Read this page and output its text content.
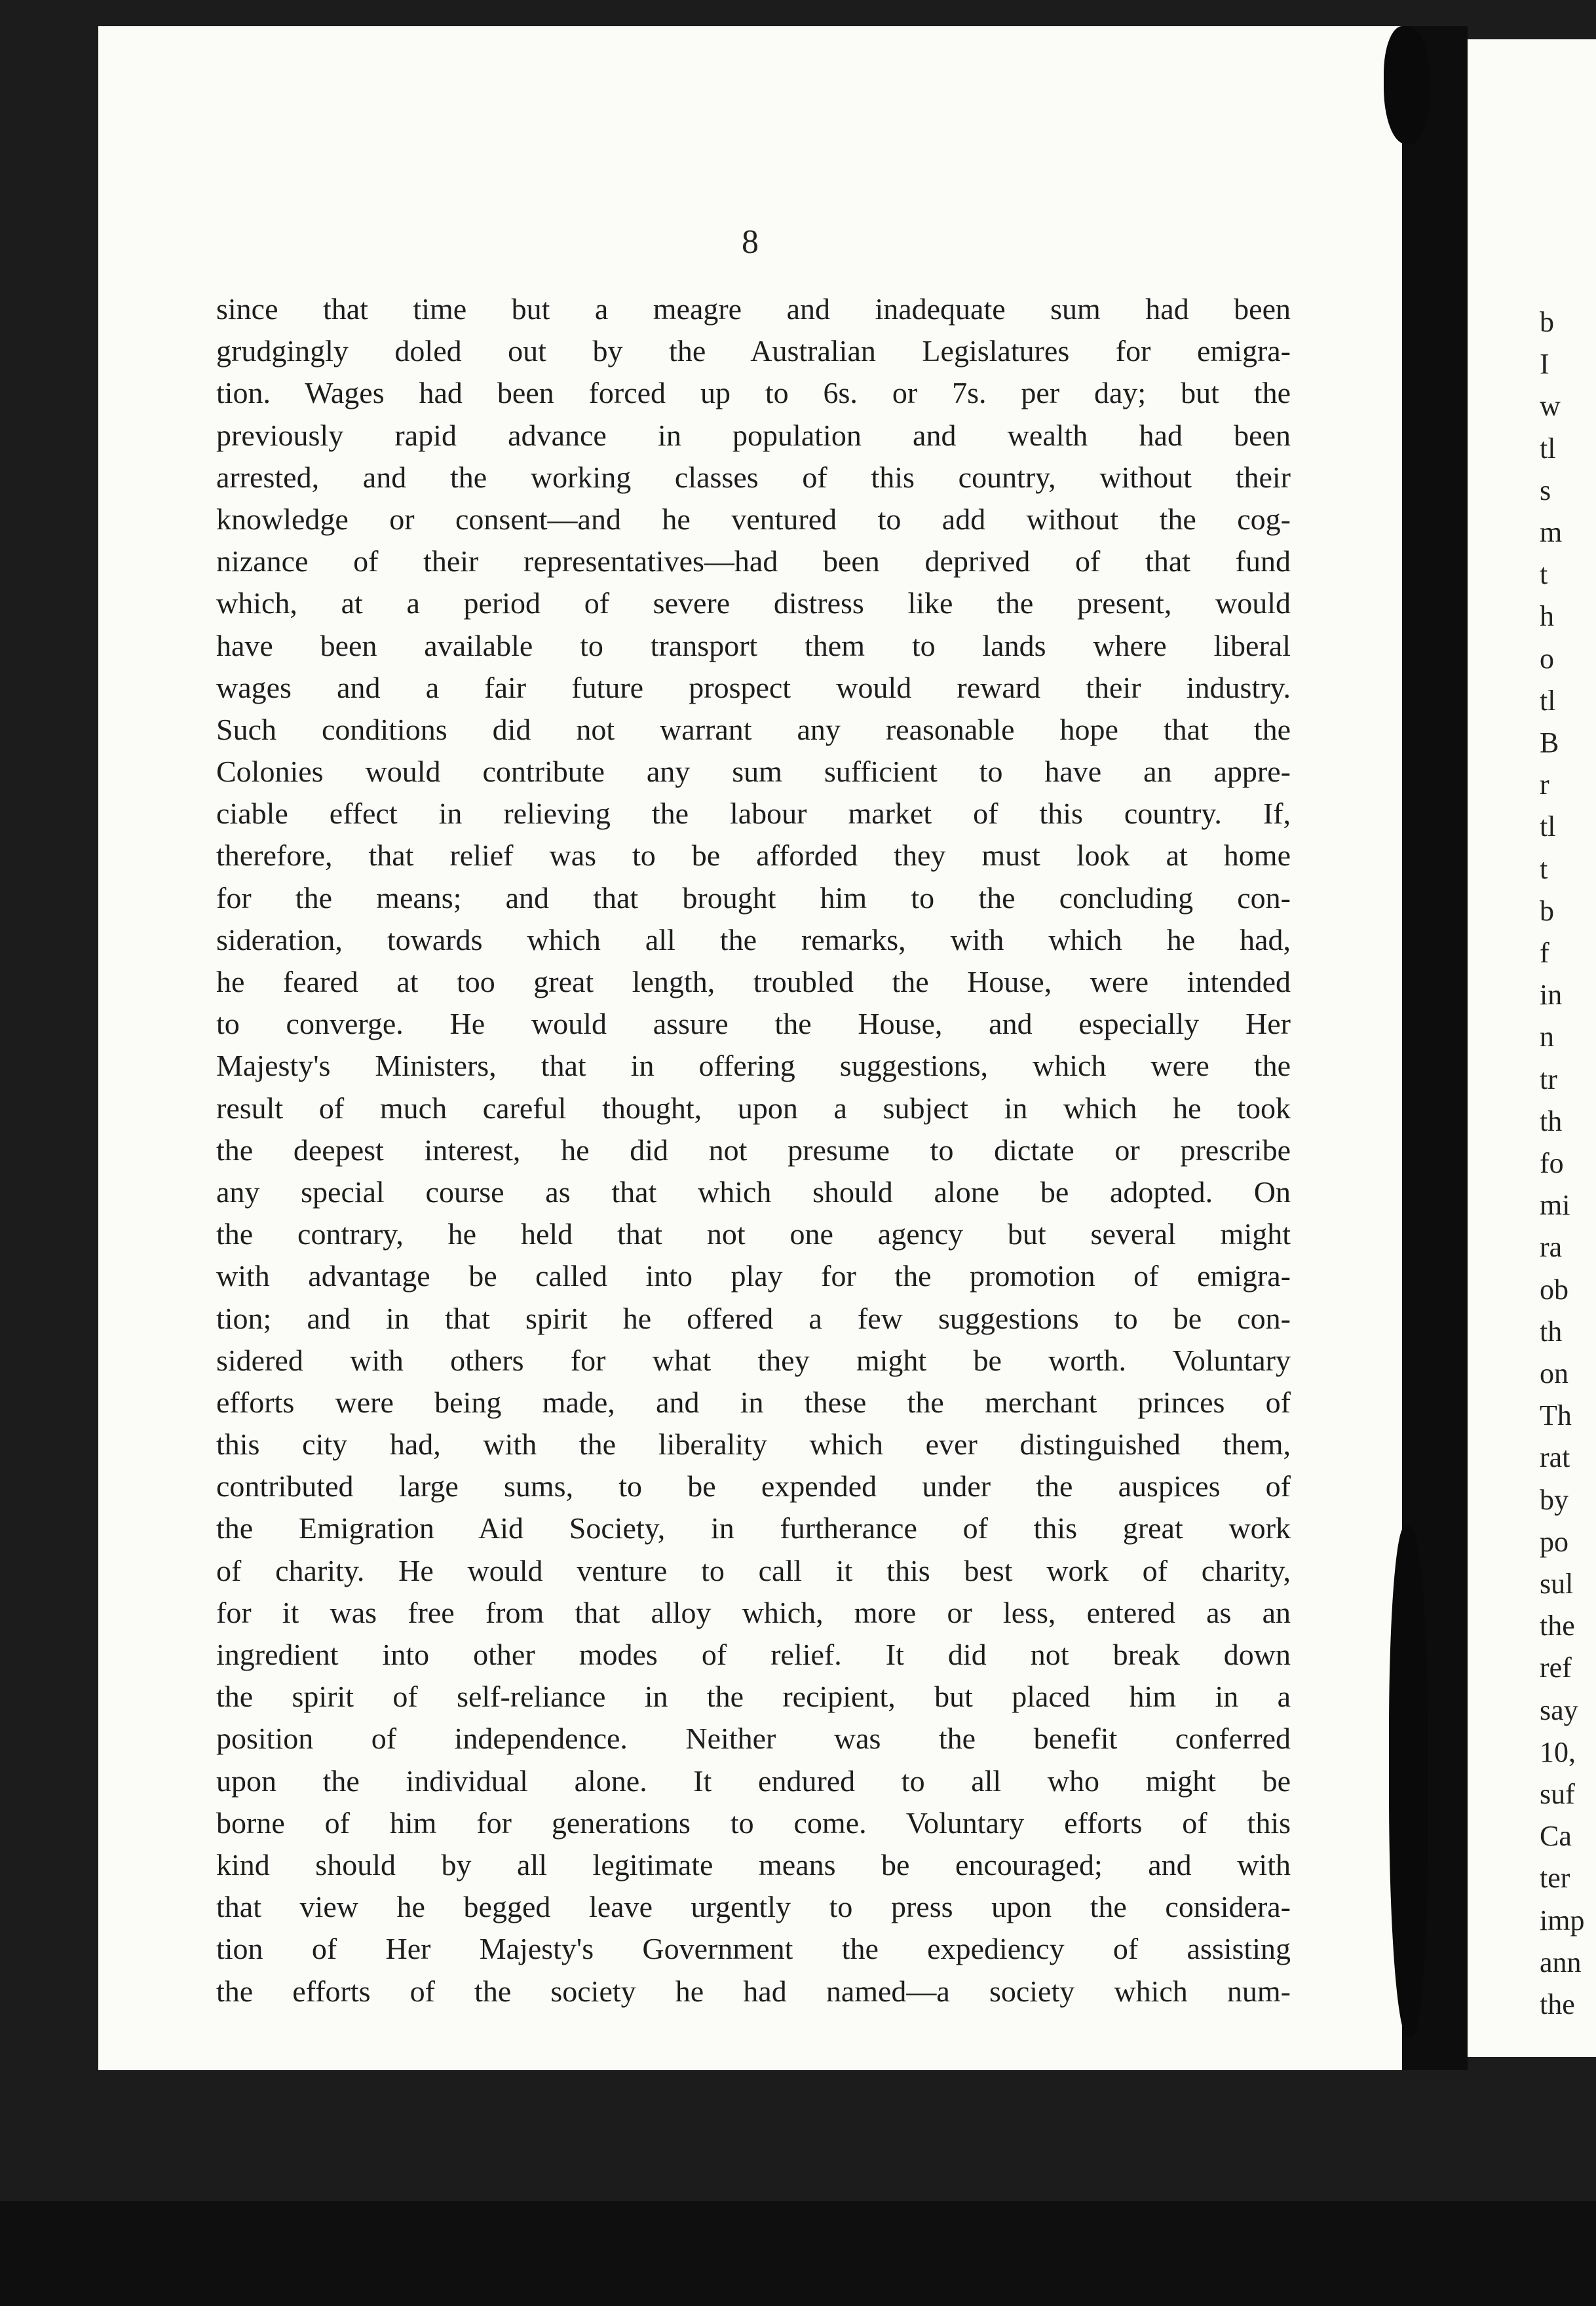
8
b
I
w
tl
s
m
t
h
o
tl
B
r
tl
t
b
f
in
n
tr
th
fo
mi
ra
ob
th
on
Th
rat
by
po
sul
the
ref
say
10,
suf
Ca
ter
imp
ann
the
since that time but a meagre and inadequate sum had been
grudgingly doled out by the Australian Legislatures for emigra-
tion. Wages had been forced up to 6s. or 7s. per day; but the
previously rapid advance in population and wealth had been
arrested, and the working classes of this country, without their
knowledge or consent—and he ventured to add without the cog-
nizance of their representatives—had been deprived of that fund
which, at a period of severe distress like the present, would
have been available to transport them to lands where liberal
wages and a fair future prospect would reward their industry.
Such conditions did not warrant any reasonable hope that the
Colonies would contribute any sum sufficient to have an appre-
ciable effect in relieving the labour market of this country. If,
therefore, that relief was to be afforded they must look at home
for the means; and that brought him to the concluding con-
sideration, towards which all the remarks, with which he had,
he feared at too great length, troubled the House, were intended
to converge. He would assure the House, and especially Her
Majesty's Ministers, that in offering suggestions, which were the
result of much careful thought, upon a subject in which he took
the deepest interest, he did not presume to dictate or prescribe
any special course as that which should alone be adopted. On
the contrary, he held that not one agency but several might
with advantage be called into play for the promotion of emigra-
tion; and in that spirit he offered a few suggestions to be con-
sidered with others for what they might be worth. Voluntary
efforts were being made, and in these the merchant princes of
this city had, with the liberality which ever distinguished them,
contributed large sums, to be expended under the auspices of
the Emigration Aid Society, in furtherance of this great work
of charity. He would venture to call it this best work of charity,
for it was free from that alloy which, more or less, entered as an
ingredient into other modes of relief. It did not break down
the spirit of self-reliance in the recipient, but placed him in a
position of independence. Neither was the benefit conferred
upon the individual alone. It endured to all who might be
borne of him for generations to come. Voluntary efforts of this
kind should by all legitimate means be encouraged; and with
that view he begged leave urgently to press upon the considera-
tion of Her Majesty's Government the expediency of assisting
the efforts of the society he had named—a society which num-
